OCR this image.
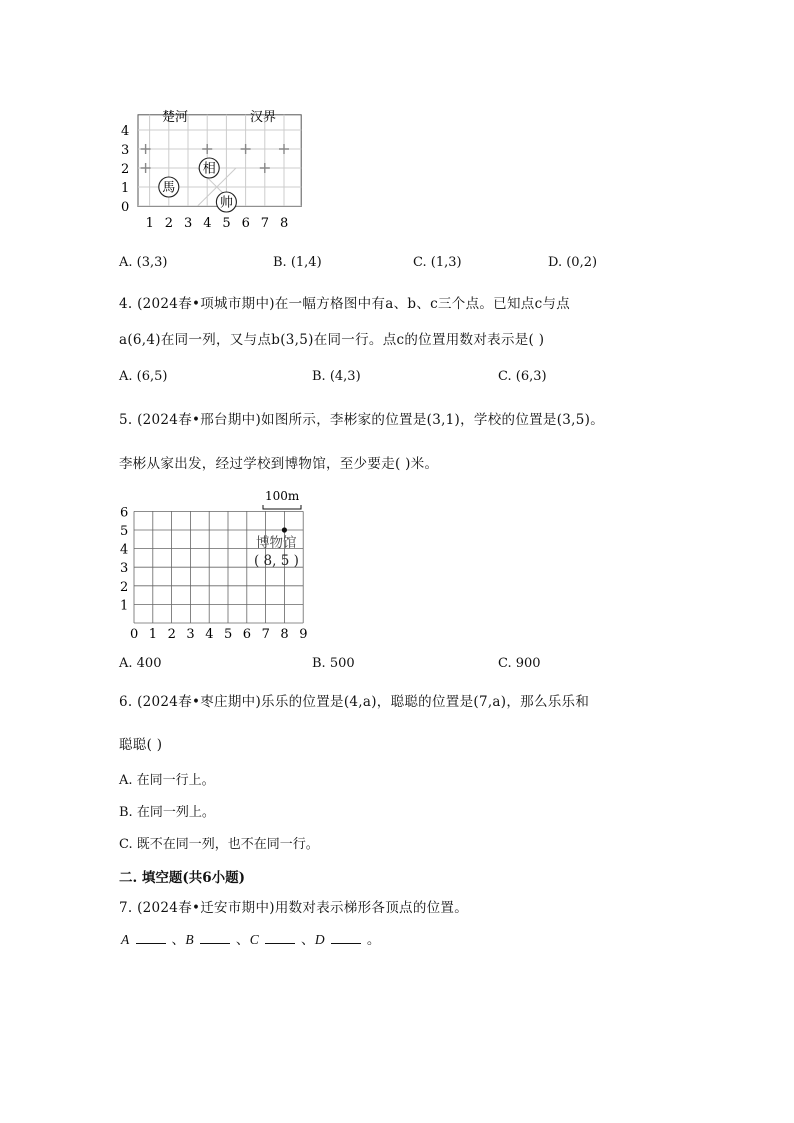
楚河	汉界
4
3
2
1
0
1 2 3 4 5 6 7 8
相
馬
帅
A. (3,3)	B. (1,4)	C. (1,3)	D. (0,2)
4. (2024春•项城市期中)在一幅方格图中有a、b、c三个点。已知点c与点
a(6,4)在同一列，又与点b(3,5)在同一行。点c的位置用数对表示是( )
A. (6,5)	B. (4,3)	C. (6,3)
5. (2024春•邢台期中)如图所示，李彬家的位置是(3,1)，学校的位置是(3,5)。
李彬从家出发，经过学校到博物馆，至少要走( )米。
0 1 2 3 4 5 6 7 8 9
1
2
3
4
5
6
100m
博物馆
( 8, 5 )
A. 400	B. 500	C. 900
6. (2024春•枣庄期中)乐乐的位置是(4,a)，聪聪的位置是(7,a)，那么乐乐和
聪聪( )
A. 在同一行上。
B. 在同一列上。
C. 既不在同一列，也不在同一行。
二. 填空题(共6小题)
7. (2024春•迁安市期中)用数对表示梯形各顶点的位置。
A	、B	、C	、D	。
